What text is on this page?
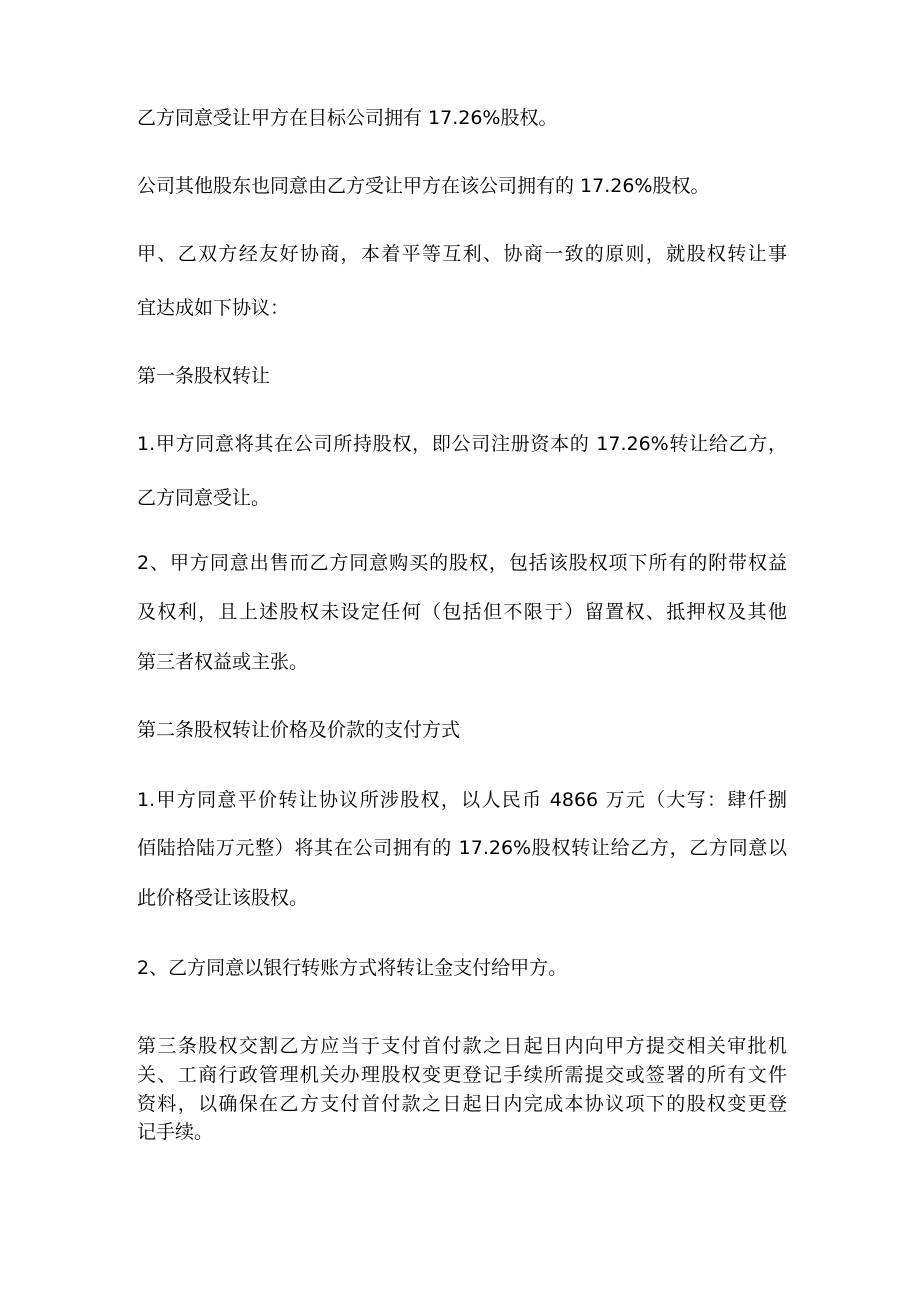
乙方同意受让甲方在目标公司拥有 17.26%股权。

公司其他股东也同意由乙方受让甲方在该公司拥有的 17.26%股权。

甲、乙双方经友好协商，本着平等互利、协商一致的原则，就股权转让事

宜达成如下协议：

第一条股权转让

1.甲方同意将其在公司所持股权，即公司注册资本的 17.26%转让给乙方，

乙方同意受让。

2、甲方同意出售而乙方同意购买的股权，包括该股权项下所有的附带权益

及权利，且上述股权未设定任何（包括但不限于）留置权、抵押权及其他

第三者权益或主张。

第二条股权转让价格及价款的支付方式

1.甲方同意平价转让协议所涉股权，以人民币 4866 万元（大写：肆仟捌

佰陆拾陆万元整）将其在公司拥有的 17.26%股权转让给乙方，乙方同意以

此价格受让该股权。

2、乙方同意以银行转账方式将转让金支付给甲方。

第三条股权交割乙方应当于支付首付款之日起日内向甲方提交相关审批机

关、工商行政管理机关办理股权变更登记手续所需提交或签署的所有文件

资料，以确保在乙方支付首付款之日起日内完成本协议项下的股权变更登

记手续。
